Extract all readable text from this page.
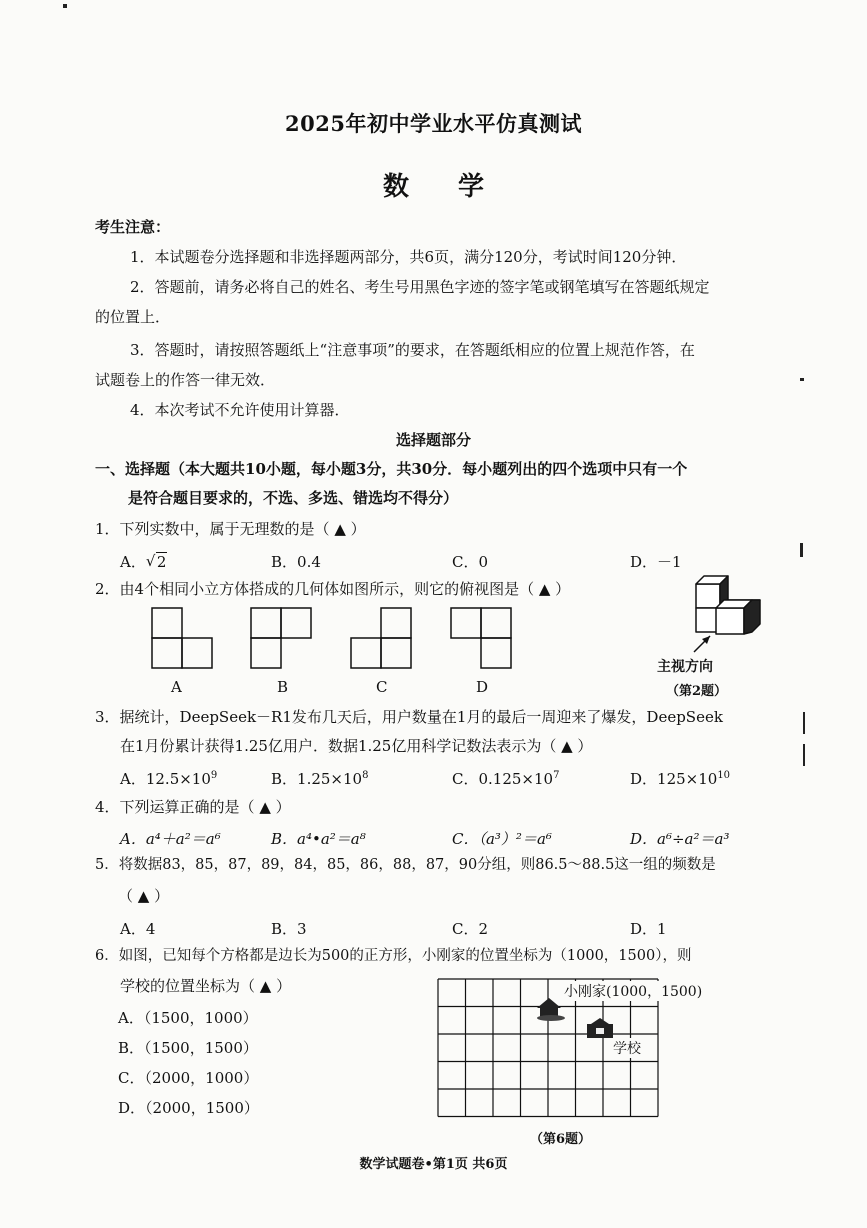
2025年初中学业水平仿真测试
数 学
考生注意：
1．本试题卷分选择题和非选择题两部分，共6页，满分120分，考试时间120分钟．
2．答题前，请务必将自己的姓名、考生号用黑色字迹的签字笔或钢笔填写在答题纸规定
的位置上．
3．答题时，请按照答题纸上“注意事项”的要求，在答题纸相应的位置上规范作答，在
试题卷上的作答一律无效．
4．本次考试不允许使用计算器．
选择题部分
一、选择题（本大题共10小题，每小题3分，共30分．每小题列出的四个选项中只有一个
是符合题目要求的，不选、多选、错选均不得分）
1．下列实数中，属于无理数的是（ ▲ ）
A． √ 2	B．0.4	C．0	D．－1
2．由4个相同小立方体搭成的几何体如图所示，则它的俯视图是（ ▲ ）
A	B	C	D
主视方向
（第2题）
3．据统计，DeepSeek－R1发布几天后，用户数量在1月的最后一周迎来了爆发，DeepSeek
在1月份累计获得1.25亿用户．数据1.25亿用科学记数法表示为（ ▲ ）
A．$12.5\times 10^9$	B．$1.25\times 10^8$	C．$0.125\times 10^7$	D．$125\times 10^{10}$
4．下列运算正确的是（ ▲ ）
A．a⁴＋a²＝a⁶	B．a⁴•a²＝a⁸	C．（a³）²＝a⁶	D．a⁶÷a²＝a³
5．将数据83，85，87，89，84，85，86，88，87，90分组，则86.5～88.5这一组的频数是
（ ▲ ）
A．4	B．3	C．2	D．1
6．如图，已知每个方格都是边长为500的正方形，小刚家的位置坐标为（1000，1500），则
学校的位置坐标为（ ▲ ）
A．（1500，1000）
B．（1500，1500）
C．（2000，1000）
D．（2000，1500）
小刚家(1000，1500)
学校
（第6题）
数学试题卷•第1页 共6页
